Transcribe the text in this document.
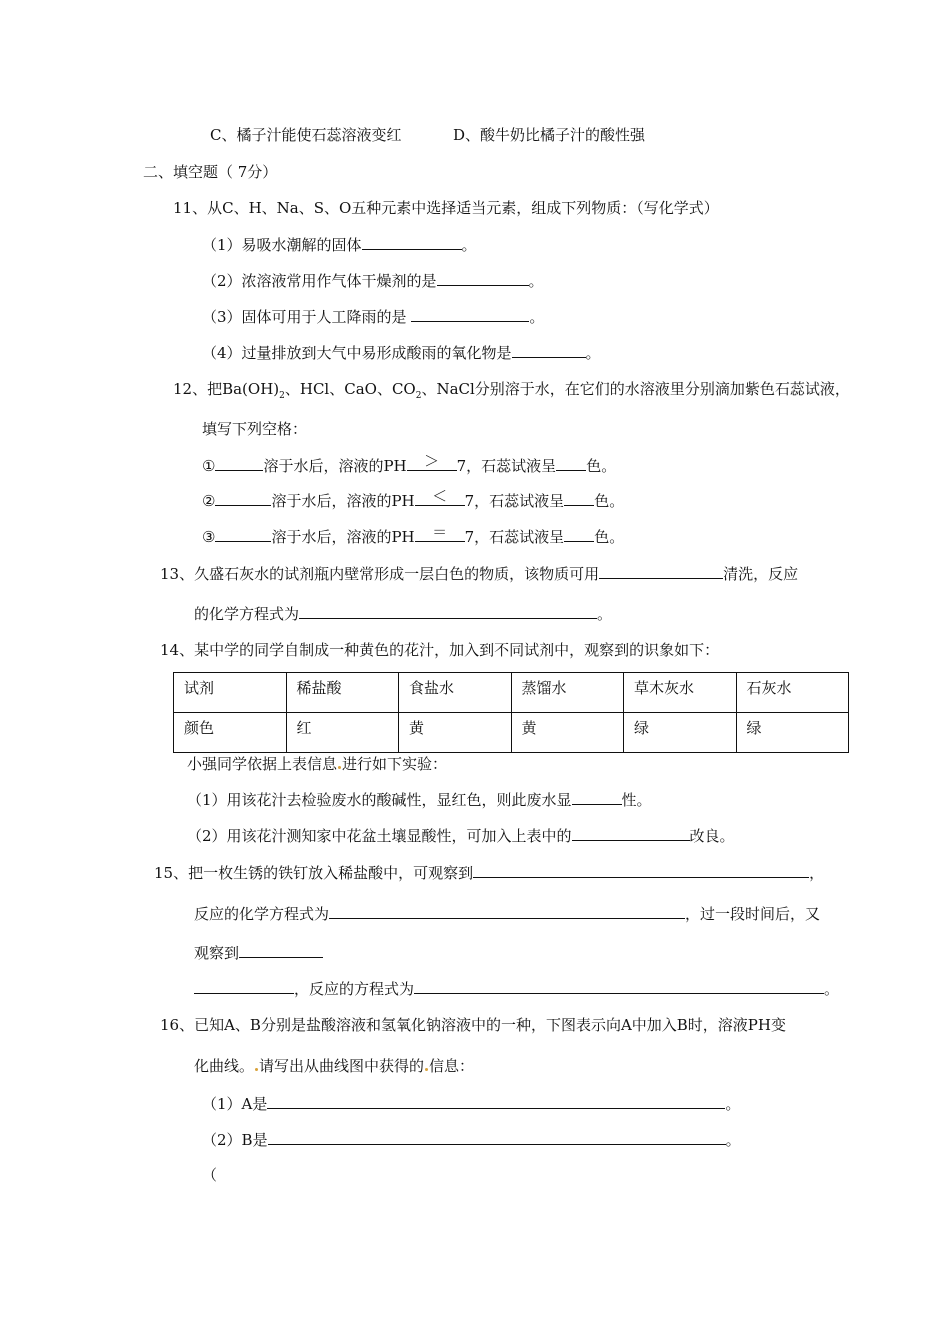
C、橘子汁能使石蕊溶液变红	D、酸牛奶比橘子汁的酸性强
二、填空题（ 7分）
11、从C、H、Na、S、O五种元素中选择适当元素，组成下列物质：（写化学式）
（1）易吸水潮解的固体	。
（2）浓溶液常用作气体干燥剂的是	。
（3）固体可用于人工降雨的是	。
（4）过量排放到大气中易形成酸雨的氧化物是	。
12、把$Ba(OH)_2$、HCl、CaO、$CO_2$、NaCl分别溶于水，在它们的水溶液里分别滴加紫色石蕊试液，
填写下列空格：
①	溶于水后，溶液的PH	＞	7，石蕊试液呈 色。
②	溶于水后，溶液的PH	＜	7，石蕊试液呈 色。
③	溶于水后，溶液的PH	＝	7，石蕊试液呈 色。
13、久盛石灰水的试剂瓶内壁常形成一层白色的物质，该物质可用	清洗，反应
的化学方程式为	。
14、某中学的同学自制成一种黄色的花汁，加入到不同试剂中，观察到的识象如下：
试剂	稀盐酸	食盐水	蒸馏水	草木灰水	石灰水
颜色	红	黄	黄	绿	绿
小强同学依据上表信息 进行如下实验：
（1）用该花汁去检验废水的酸碱性，显红色，则此废水显	性。
（2）用该花汁测知家中花盆土壤显酸性，可加入上表中的	改良。
15、把一枚生锈的铁钉放入稀盐酸中，可观察到	，
反应的化学方程式为	，过一段时间后，又
观察到
，反应的方程式为	。
16、已知A、B分别是盐酸溶液和氢氧化钠溶液中的一种，下图表示向A中加入B时，溶液PH变
化曲线。 请写出从曲线图中获得的 信息：
（1）A是	。
（2）B是	。
（
